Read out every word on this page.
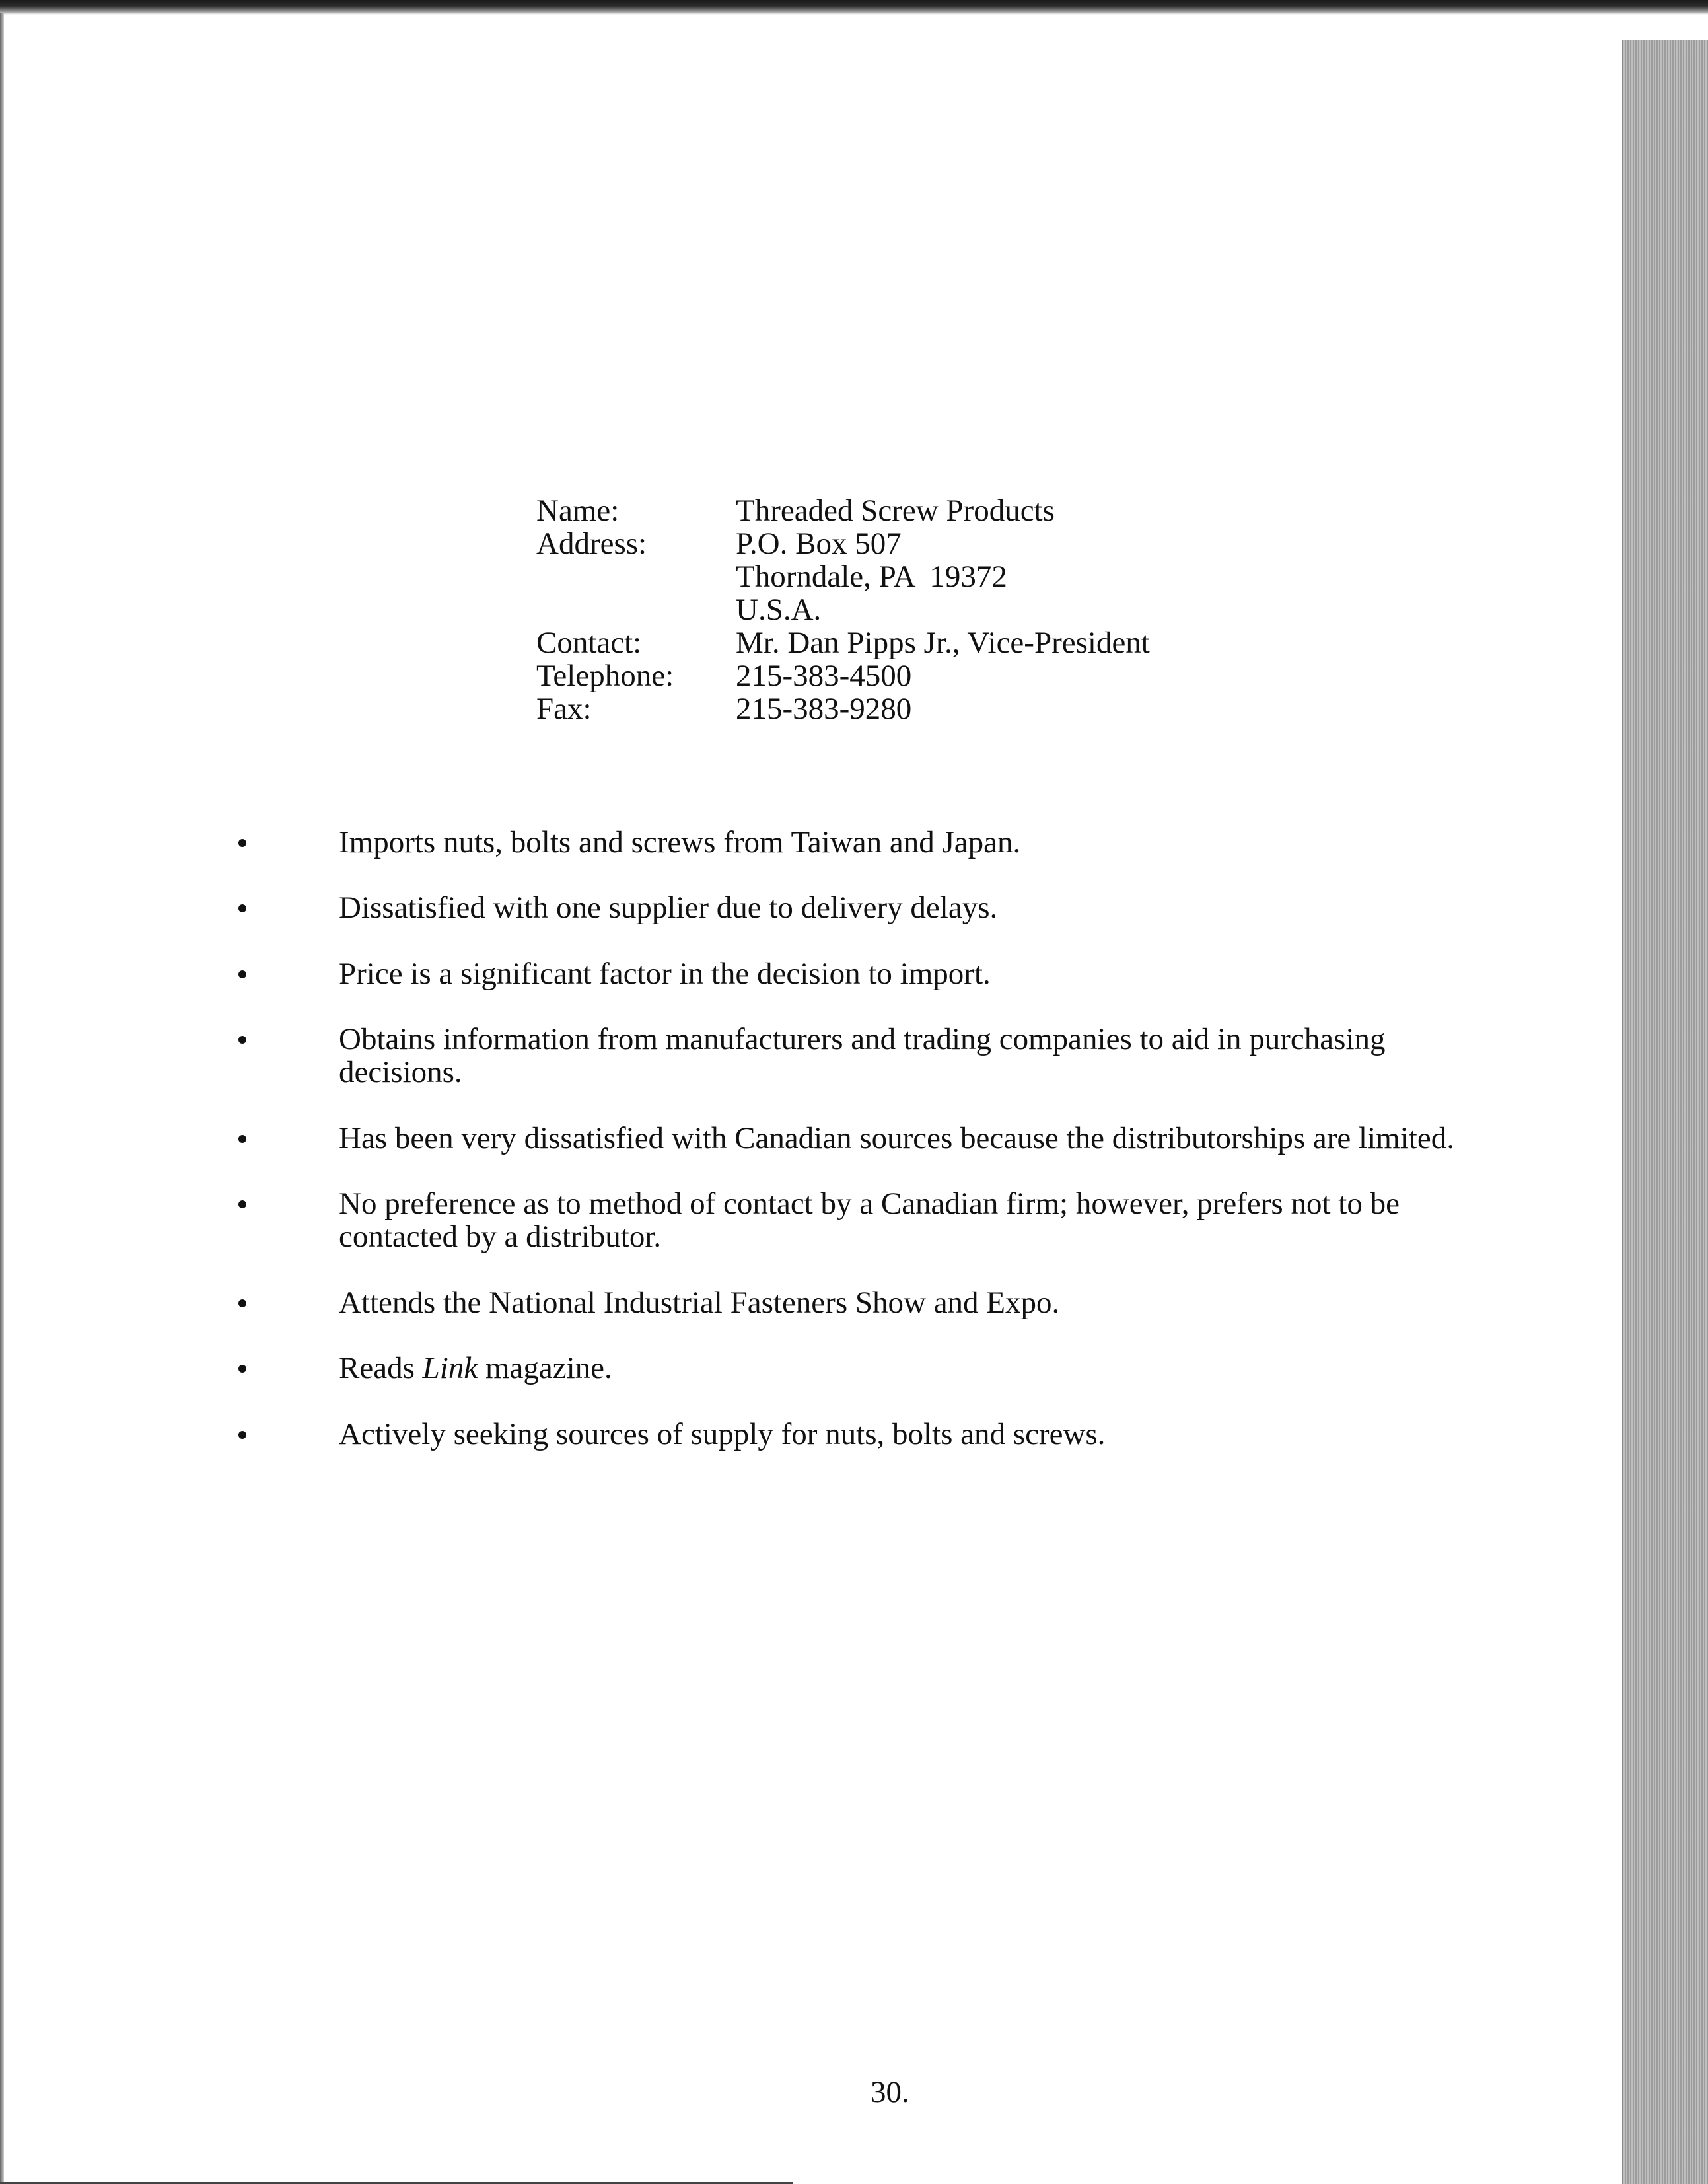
Name:	Threaded Screw Products
Address:	P.O. Box 507
Thorndale, PA  19372
U.S.A.
Contact:	Mr. Dan Pipps Jr., Vice-President
Telephone:	215-383-4500
Fax:	215-383-9280
Imports nuts, bolts and screws from Taiwan and Japan.
Dissatisfied with one supplier due to delivery delays.
Price is a significant factor in the decision to import.
Obtains information from manufacturers and trading companies to aid in purchasing decisions.
Has been very dissatisfied with Canadian sources because the distributorships are limited.
No preference as to method of contact by a Canadian firm; however, prefers not to be contacted by a distributor.
Attends the National Industrial Fasteners Show and Expo.
Reads Link magazine.
Actively seeking sources of supply for nuts, bolts and screws.
30.
